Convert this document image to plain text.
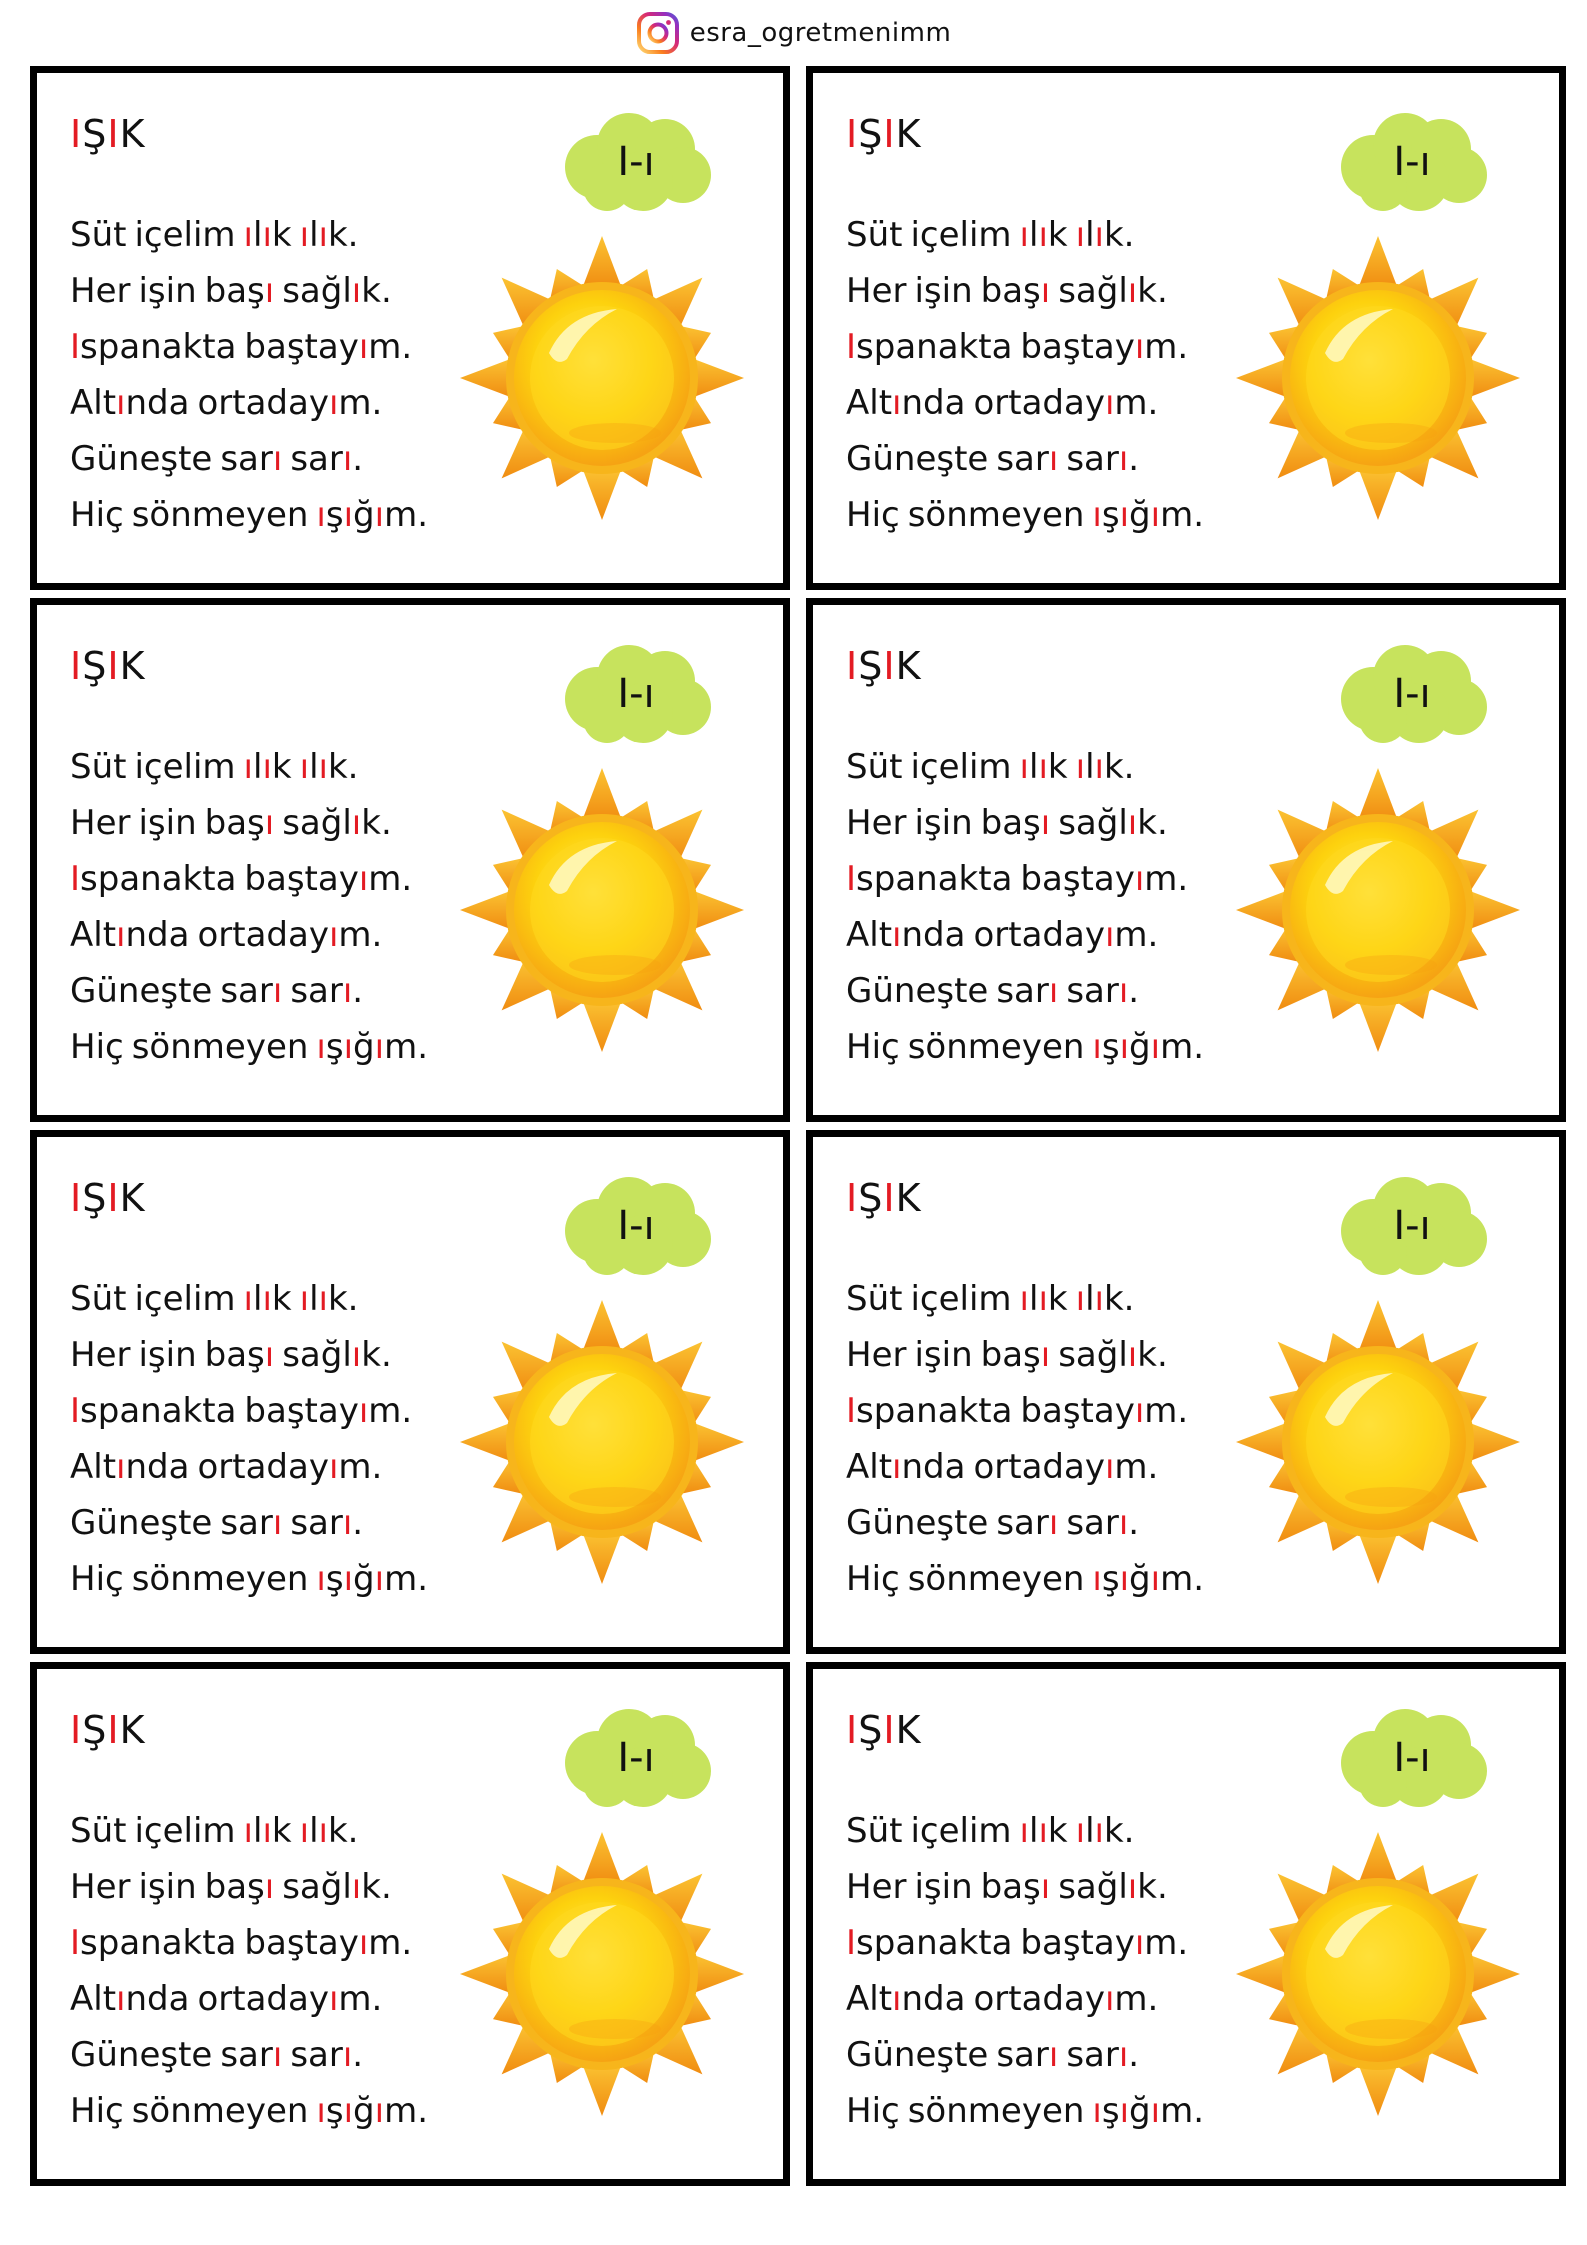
esra_ogretmenimm
IŞIK
I-ı
Süt içelim ılık ılık.
Her işin başı sağlık.
Ispanakta baştayım.
Altında ortadayım.
Güneşte sarı sarı.
Hiç sönmeyen ışığım.
IŞIK
I-ı
Süt içelim ılık ılık.
Her işin başı sağlık.
Ispanakta baştayım.
Altında ortadayım.
Güneşte sarı sarı.
Hiç sönmeyen ışığım.
IŞIK
I-ı
Süt içelim ılık ılık.
Her işin başı sağlık.
Ispanakta baştayım.
Altında ortadayım.
Güneşte sarı sarı.
Hiç sönmeyen ışığım.
IŞIK
I-ı
Süt içelim ılık ılık.
Her işin başı sağlık.
Ispanakta baştayım.
Altında ortadayım.
Güneşte sarı sarı.
Hiç sönmeyen ışığım.
IŞIK
I-ı
Süt içelim ılık ılık.
Her işin başı sağlık.
Ispanakta baştayım.
Altında ortadayım.
Güneşte sarı sarı.
Hiç sönmeyen ışığım.
IŞIK
I-ı
Süt içelim ılık ılık.
Her işin başı sağlık.
Ispanakta baştayım.
Altında ortadayım.
Güneşte sarı sarı.
Hiç sönmeyen ışığım.
IŞIK
I-ı
Süt içelim ılık ılık.
Her işin başı sağlık.
Ispanakta baştayım.
Altında ortadayım.
Güneşte sarı sarı.
Hiç sönmeyen ışığım.
IŞIK
I-ı
Süt içelim ılık ılık.
Her işin başı sağlık.
Ispanakta baştayım.
Altında ortadayım.
Güneşte sarı sarı.
Hiç sönmeyen ışığım.
